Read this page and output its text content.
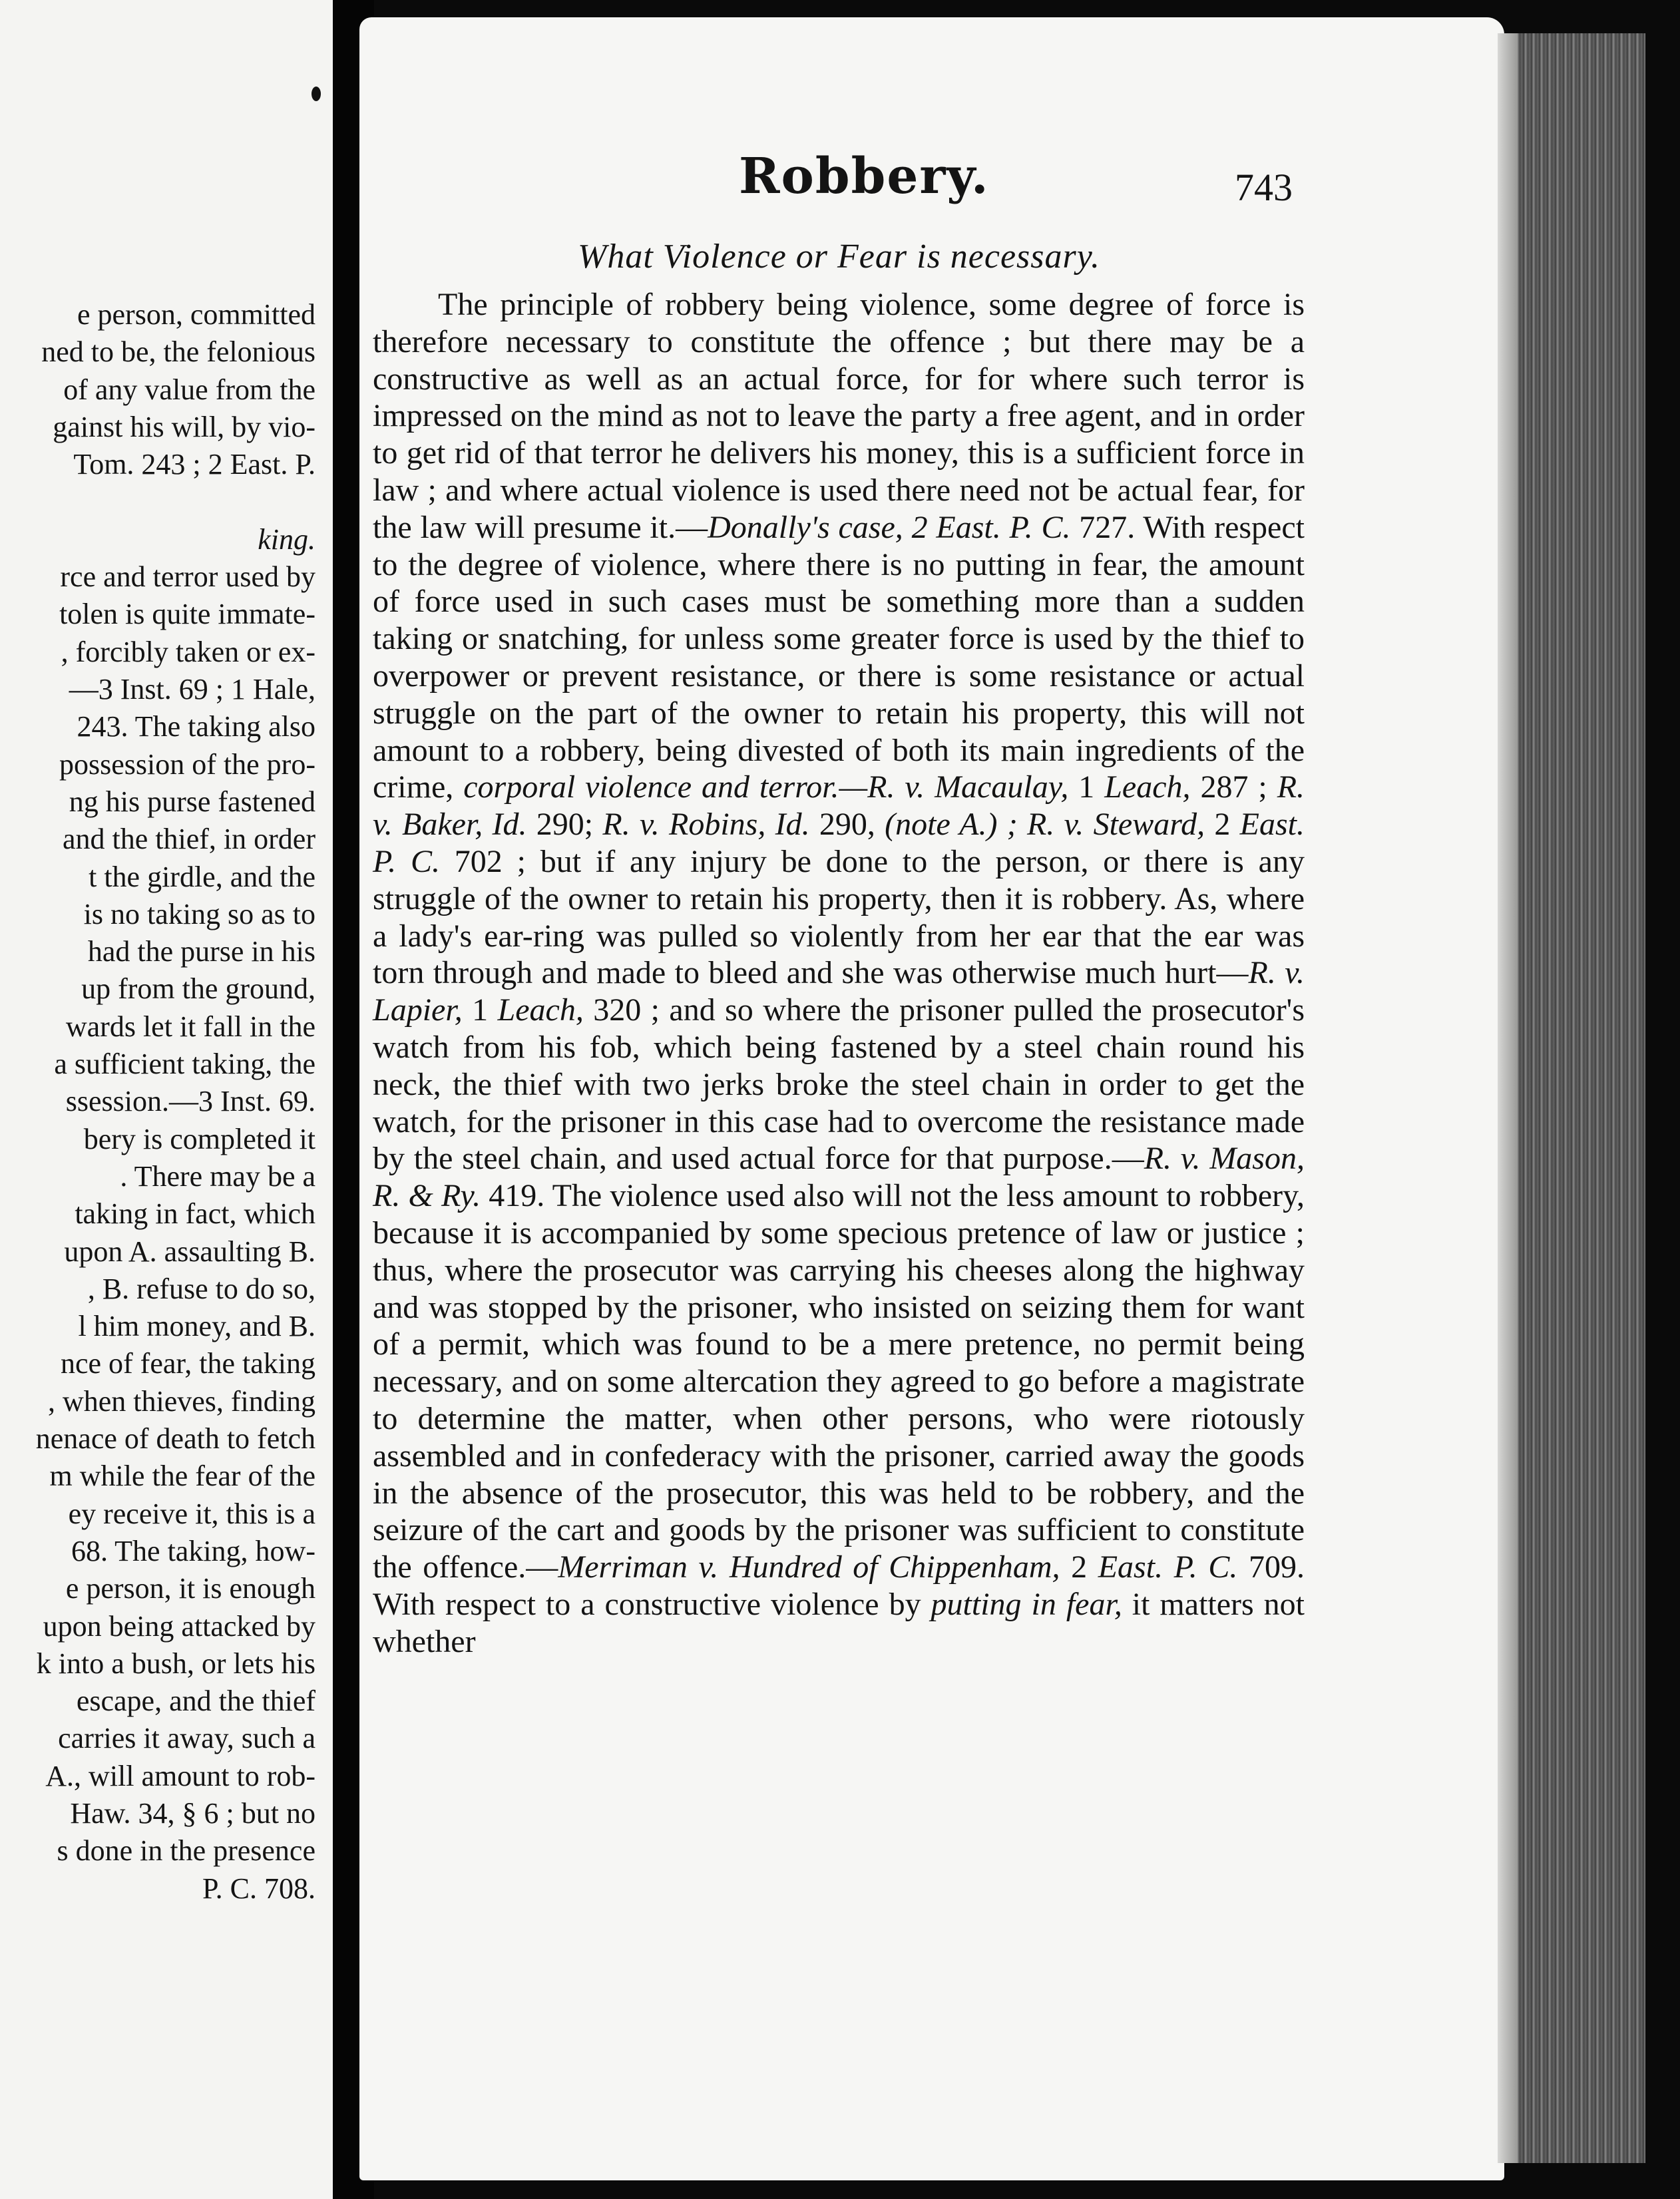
e person, committed
ned to be, the felonious
of any value from the
gainst his will, by vio-
Tom. 243 ; 2 East. P.
king.
rce and terror used by
tolen is quite immate-
, forcibly taken or ex-
—3 Inst. 69 ; 1 Hale,
243. The taking also
possession of the pro-
ng his purse fastened
and the thief, in order
t the girdle, and the
is no taking so as to
had the purse in his
up from the ground,
wards let it fall in the
a sufficient taking, the
ssession.—3 Inst. 69.
bery is completed it
. There may be a
taking in fact, which
upon A. assaulting B.
, B. refuse to do so,
l him money, and B.
nce of fear, the taking
, when thieves, finding
nenace of death to fetch
m while the fear of the
ey receive it, this is a
68. The taking, how-
e person, it is enough
upon being attacked by
k into a bush, or lets his
escape, and the thief
carries it away, such a
A., will amount to rob-
Haw. 34, § 6 ; but no
s done in the presence
P. C. 708.
Robbery.	743
What Violence or Fear is necessary.

The principle of robbery being violence, some degree of force is therefore necessary to constitute the offence ; but there may be a constructive as well as an actual force, for for where such terror is impressed on the mind as not to leave the party a free agent, and in order to get rid of that terror he delivers his money, this is a sufficient force in law ; and where actual violence is used there need not be actual fear, for the law will presume it.—Donally's case, 2 East. P. C. 727. With respect to the degree of violence, where there is no putting in fear, the amount of force used in such cases must be something more than a sudden taking or snatching, for unless some greater force is used by the thief to overpower or prevent resistance, or there is some resistance or actual struggle on the part of the owner to retain his property, this will not amount to a robbery, being divested of both its main ingredients of the crime, corporal violence and terror.—R. v. Macaulay, 1 Leach, 287 ; R. v. Baker, Id. 290; R. v. Robins, Id. 290, (note A.) ; R. v. Steward, 2 East. P. C. 702 ; but if any injury be done to the person, or there is any struggle of the owner to retain his property, then it is robbery. As, where a lady's ear-ring was pulled so violently from her ear that the ear was torn through and made to bleed and she was otherwise much hurt—R. v. Lapier, 1 Leach, 320 ; and so where the prisoner pulled the prosecutor's watch from his fob, which being fastened by a steel chain round his neck, the thief with two jerks broke the steel chain in order to get the watch, for the prisoner in this case had to overcome the resistance made by the steel chain, and used actual force for that purpose.—R. v. Mason, R. & Ry. 419. The violence used also will not the less amount to robbery, because it is accompanied by some specious pretence of law or justice ; thus, where the prosecutor was carrying his cheeses along the highway and was stopped by the prisoner, who insisted on seizing them for want of a permit, which was found to be a mere pretence, no permit being necessary, and on some altercation they agreed to go before a magistrate to determine the matter, when other persons, who were riotously assembled and in confederacy with the prisoner, carried away the goods in the absence of the prosecutor, this was held to be robbery, and the seizure of the cart and goods by the prisoner was sufficient to constitute the offence.—Merriman v. Hundred of Chippenham, 2 East. P. C. 709. With respect to a constructive violence by putting in fear, it matters not whether
